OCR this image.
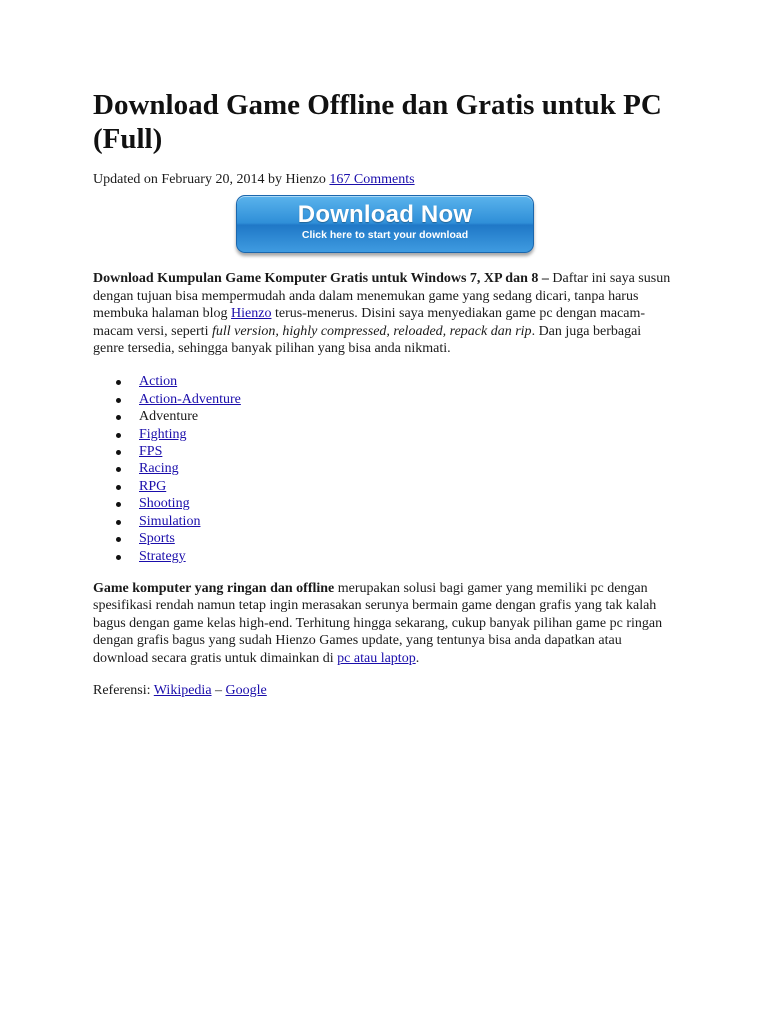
Download Game Offline dan Gratis untuk PC (Full)
Updated on February 20, 2014 by Hienzo 167 Comments
Download Now
Click here to start your download

Download Kumpulan Game Komputer Gratis untuk Windows 7, XP dan 8 – Daftar ini saya susun dengan tujuan bisa mempermudah anda dalam menemukan game yang sedang dicari, tanpa harus membuka halaman blog Hienzo terus-menerus. Disini saya menyediakan game pc dengan macam-macam versi, seperti full version, highly compressed, reloaded, repack dan rip. Dan juga berbagai genre tersedia, sehingga banyak pilihan yang bisa anda nikmati.

Action
Action-Adventure
Adventure
Fighting
FPS
Racing
RPG
Shooting
Simulation
Sports
Strategy

Game komputer yang ringan dan offline merupakan solusi bagi gamer yang memiliki pc dengan spesifikasi rendah namun tetap ingin merasakan serunya bermain game dengan grafis yang tak kalah bagus dengan game kelas high-end. Terhitung hingga sekarang, cukup banyak pilihan game pc ringan dengan grafis bagus yang sudah Hienzo Games update, yang tentunya bisa anda dapatkan atau download secara gratis untuk dimainkan di pc atau laptop.

Referensi: Wikipedia – Google
